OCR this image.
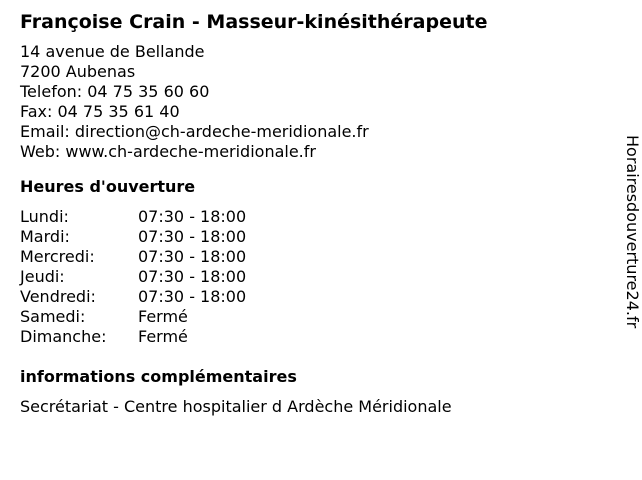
Françoise Crain - Masseur-kinésithérapeute
14 avenue de Bellande
7200 Aubenas
Telefon: 04 75 35 60 60
Fax: 04 75 35 61 40
Email: direction@ch-ardeche-meridionale.fr
Web: www.ch-ardeche-meridionale.fr
Heures d'ouverture
Lundi:	07:30 - 18:00
Mardi:	07:30 - 18:00
Mercredi:	07:30 - 18:00
Jeudi:	07:30 - 18:00
Vendredi:	07:30 - 18:00
Samedi:	Fermé
Dimanche:	Fermé
informations complémentaires
Secrétariat - Centre hospitalier d Ardèche Méridionale
Horairesdouverture24.fr
